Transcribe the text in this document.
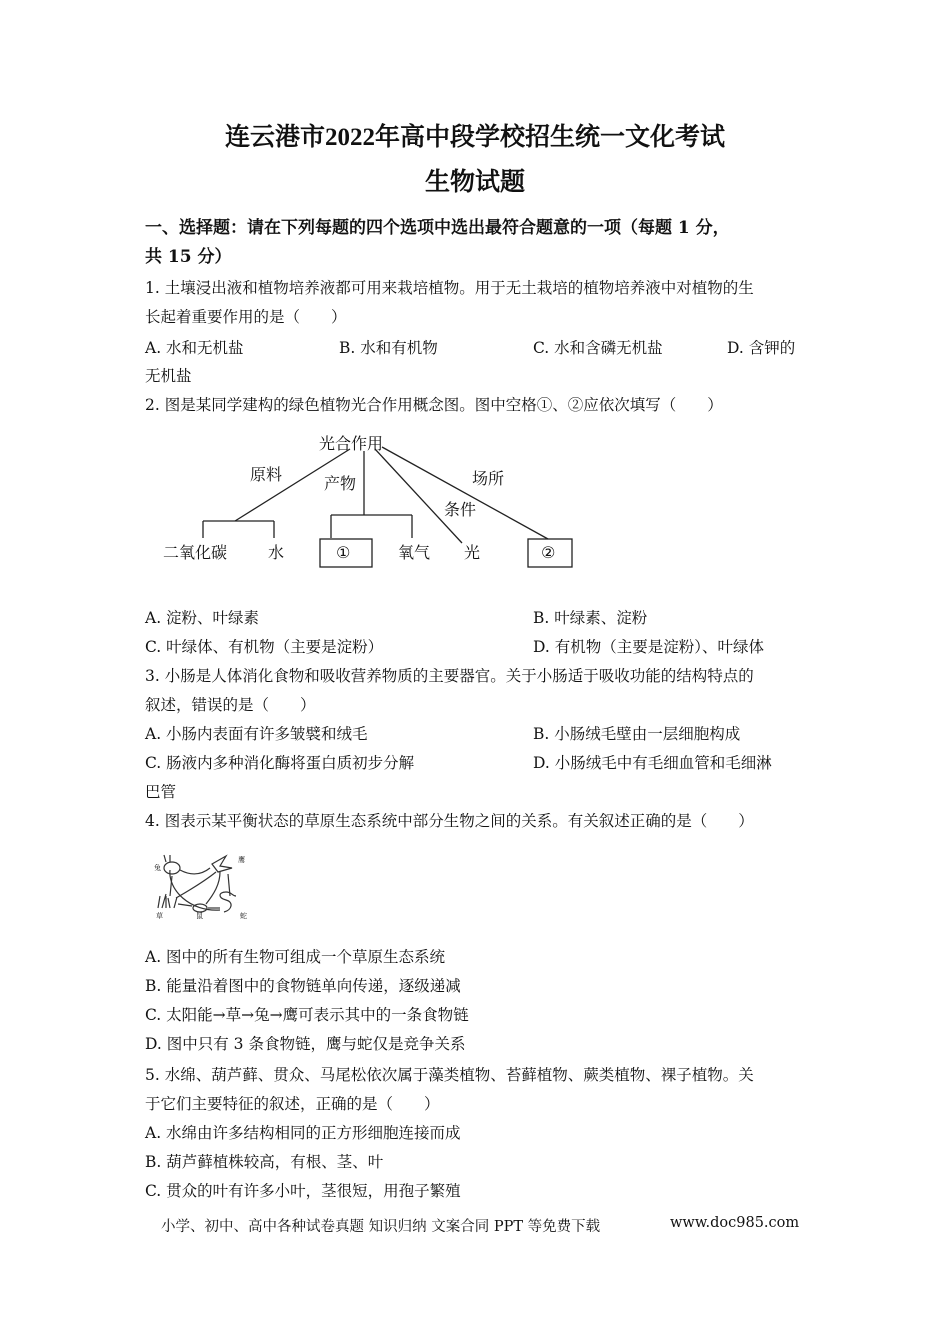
连云港市2022年高中段学校招生统一文化考试
生物试题
一、选择题：请在下列每题的四个选项中选出最符合题意的一项（每题 1 分，
共 15 分）
1. 土壤浸出液和植物培养液都可用来栽培植物。用于无土栽培的植物培养液中对植物的生
长起着重要作用的是（　　）
A. 水和无机盐	B. 水和有机物	C. 水和含磷无机盐	D. 含钾的
无机盐
2. 图是某同学建构的绿色植物光合作用概念图。图中空格①、②应依次填写（　　）
光合作用
原料	产物
条件
场所
二氧化碳	水	①	氧气 光	②
A. 淀粉、叶绿素	B. 叶绿素、淀粉
C. 叶绿体、有机物（主要是淀粉）	D. 有机物（主要是淀粉）、叶绿体
3. 小肠是人体消化食物和吸收营养物质的主要器官。关于小肠适于吸收功能的结构特点的
叙述，错误的是（　　）
A. 小肠内表面有许多皱襞和绒毛	B. 小肠绒毛壁由一层细胞构成
C. 肠液内多种消化酶将蛋白质初步分解	D. 小肠绒毛中有毛细血管和毛细淋
巴管
4. 图表示某平衡状态的草原生态系统中部分生物之间的关系。有关叙述正确的是（　　）
兔
鹰
草	鼠	蛇
A. 图中的所有生物可组成一个草原生态系统
B. 能量沿着图中的食物链单向传递，逐级递减
C. 太阳能→草→兔→鹰可表示其中的一条食物链
D. 图中只有 3 条食物链，鹰与蛇仅是竞争关系
5. 水绵、葫芦藓、贯众、马尾松依次属于藻类植物、苔藓植物、蕨类植物、裸子植物。关
于它们主要特征的叙述，正确的是（　　）
A. 水绵由许多结构相同的正方形细胞连接而成
B. 葫芦藓植株较高，有根、茎、叶
C. 贯众的叶有许多小叶，茎很短，用孢子繁殖
小学、初中、高中各种试卷真题 知识归纳 文案合同 PPT 等免费下载	www.doc985.com
